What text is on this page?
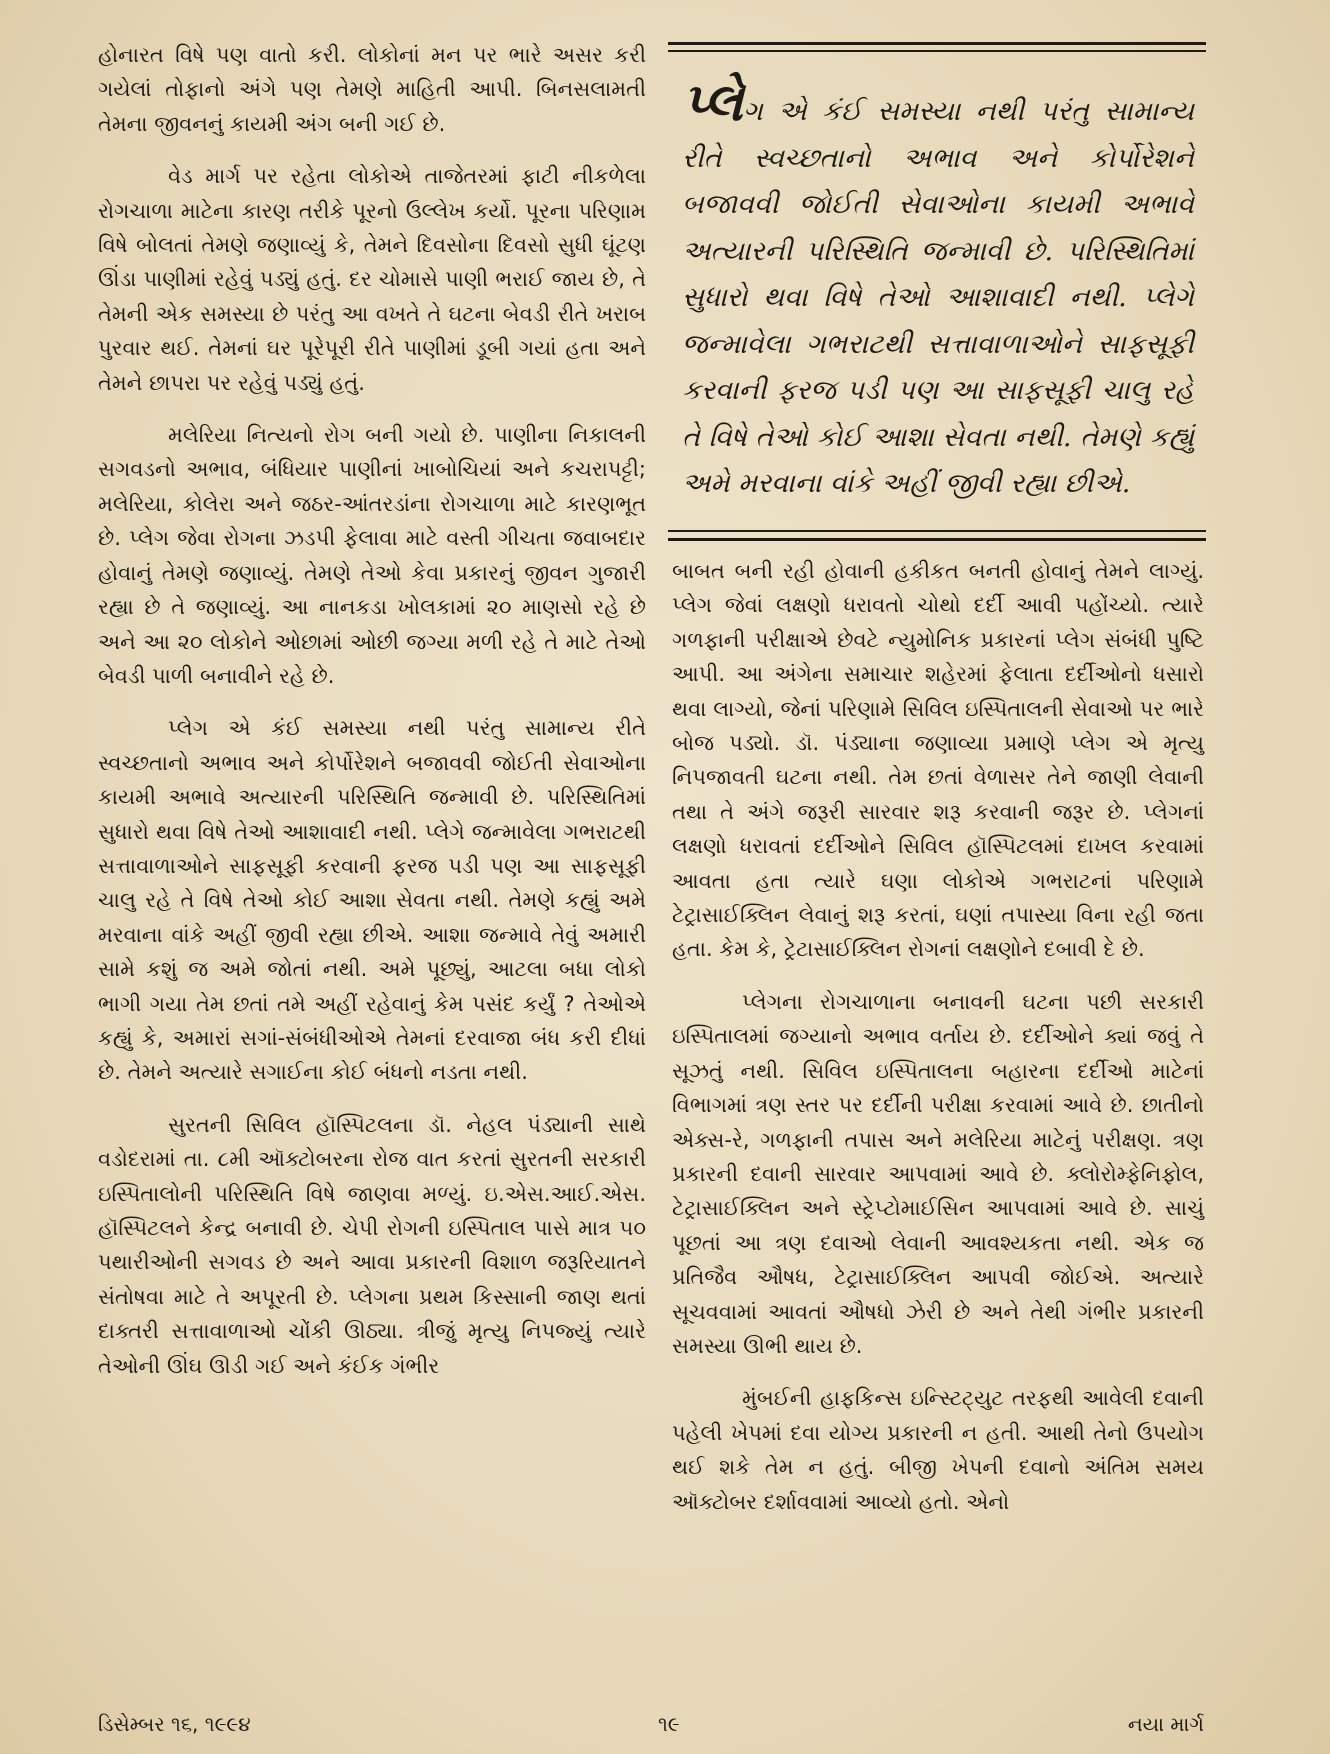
હોનારત વિષે પણ વાતો કરી. લોકોનાં મન પર ભારે અસર કરી ગયેલાં તોફાનો અંગે પણ તેમણે માહિતી આપી. બિનસલામતી તેમના જીવનનું કાયમી અંગ બની ગઈ છે.

વેડ માર્ગ પર રહેતા લોકોએ તાજેતરમાં ફાટી નીકળેલા રોગચાળા માટેના કારણ તરીકે પૂરનો ઉલ્લેખ કર્યો. પૂરના પરિણામ વિષે બોલતાં તેમણે જણાવ્યું કે, તેમને દિવસોના દિવસો સુધી ઘૂંટણ ઊંડા પાણીમાં રહેવું પડ્યું હતું. દર ચોમાસે પાણી ભરાઈ જાય છે, તે તેમની એક સમસ્યા છે પરંતુ આ વખતે તે ઘટના બેવડી રીતે ખરાબ પુરવાર થઈ. તેમનાં ઘર પૂરેપૂરી રીતે પાણીમાં ડૂબી ગયાં હતા અને તેમને છાપરા પર રહેવું પડ્યું હતું.

મલેરિયા નિત્યનો રોગ બની ગયો છે. પાણીના નિકાલની સગવડનો અભાવ, બંધિયાર પાણીનાં ખાબોચિયાં અને કચરાપટ્ટી; મલેરિયા, કોલેરા અને જઠર-આંતરડાંના રોગચાળા માટે કારણભૂત છે. પ્લેગ જેવા રોગના ઝડપી ફેલાવા માટે વસ્તી ગીચતા જવાબદાર હોવાનું તેમણે જણાવ્યું. તેમણે તેઓ કેવા પ્રકારનું જીવન ગુજારી રહ્યા છે તે જણાવ્યું. આ નાનકડા ખોલકામાં ૨૦ માણસો રહે છે અને આ ૨૦ લોકોને ઓછામાં ઓછી જગ્યા મળી રહે તે માટે તેઓ બેવડી પાળી બનાવીને રહે છે.

પ્લેગ એ કંઈ સમસ્યા નથી પરંતુ સામાન્ય રીતે સ્વચ્છતાનો અભાવ અને કોર્પોરેશને બજાવવી જોઈતી સેવાઓના કાયમી અભાવે અત્યારની પરિસ્થિતિ જન્માવી છે. પરિસ્થિતિમાં સુધારો થવા વિષે તેઓ આશાવાદી નથી. પ્લેગે જન્માવેલા ગભરાટથી સત્તાવાળાઓને સાફસૂફી કરવાની ફરજ પડી પણ આ સાફસૂફી ચાલુ રહે તે વિષે તેઓ કોઈ આશા સેવતા નથી. તેમણે કહ્યું અમે મરવાના વાંકે અહીં જીવી રહ્યા છીએ. આશા જન્માવે તેવું અમારી સામે કશું જ અમે જોતાં નથી. અમે પૂછ્યું, આટલા બધા લોકો ભાગી ગયા તેમ છતાં તમે અહીં રહેવાનું કેમ પસંદ કર્યું ? તેઓએ કહ્યું કે, અમારાં સગાં-સંબંધીઓએ તેમનાં દરવાજા બંધ કરી દીધાં છે. તેમને અત્યારે સગાઈના કોઈ બંધનો નડતા નથી.

સુરતની સિવિલ હૉસ્પિટલના ડૉ. નેહલ પંડ્યાની સાથે વડોદરામાં તા. ૮મી ઑક્ટોબરના રોજ વાત કરતાં સુરતની સરકારી ઇસ્પિતાલોની પરિસ્થિતિ વિષે જાણવા મળ્યું. ઇ.એસ.આઈ.એસ. હૉસ્પિટલને કેન્દ્ર બનાવી છે. ચેપી રોગની ઇસ્પિતાલ પાસે માત્ર ૫૦ પથારીઓની સગવડ છે અને આવા પ્રકારની વિશાળ જરૂરિયાતને સંતોષવા માટે તે અપૂરતી છે. પ્લેગના પ્રથમ કિસ્સાની જાણ થતાં દાક્તરી સત્તાવાળાઓ ચોંકી ઊઠ્યા. ત્રીજું મૃત્યુ નિપજ્યું ત્યારે તેઓની ઊંઘ ઊડી ગઈ અને કંઈક ગંભીર

પ્લેગ એ કંઈ સમસ્યા નથી પરંતુ સામાન્ય રીતે સ્વચ્છતાનો અભાવ અને કોર્પોરેશને બજાવવી જોઈતી સેવાઓના કાયમી અભાવે અત્યારની પરિસ્થિતિ જન્માવી છે. પરિસ્થિતિમાં સુધારો થવા વિષે તેઓ આશાવાદી નથી. પ્લેગે જન્માવેલા ગભરાટથી સત્તાવાળાઓને સાફસૂફી કરવાની ફરજ પડી પણ આ સાફસૂફી ચાલુ રહે તે વિષે તેઓ કોઈ આશા સેવતા નથી. તેમણે કહ્યું અમે મરવાના વાંકે અહીં જીવી રહ્યા છીએ.

બાબત બની રહી હોવાની હકીકત બનતી હોવાનું તેમને લાગ્યું. પ્લેગ જેવાં લક્ષણો ધરાવતો ચોથો દર્દી આવી પહોંચ્યો. ત્યારે ગળફાની પરીક્ષાએ છેવટે ન્યુમોનિક પ્રકારનાં પ્લેગ સંબંધી પુષ્ટિ આપી. આ અંગેના સમાચાર શહેરમાં ફેલાતા દર્દીઓનો ધસારો થવા લાગ્યો, જેનાં પરિણામે સિવિલ ઇસ્પિતાલની સેવાઓ પર ભારે બોજ પડ્યો. ડૉ. પંડ્યાના જણાવ્યા પ્રમાણે પ્લેગ એ મૃત્યુ નિપજાવતી ઘટના નથી. તેમ છતાં વેળાસર તેને જાણી લેવાની તથા તે અંગે જરૂરી સારવાર શરૂ કરવાની જરૂર છે. પ્લેગનાં લક્ષણો ધરાવતાં દર્દીઓને સિવિલ હૉસ્પિટલમાં દાખલ કરવામાં આવતા હતા ત્યારે ઘણા લોકોએ ગભરાટનાં પરિણામે ટેટ્રાસાઈક્લિન લેવાનું શરૂ કરતાં, ઘણાં તપાસ્યા વિના રહી જતા હતા. કેમ કે, ટ્રેટાસાઈક્લિન રોગનાં લક્ષણોને દબાવી દે છે.

પ્લેગના રોગચાળાના બનાવની ઘટના પછી સરકારી ઇસ્પિતાલમાં જગ્યાનો અભાવ વર્તાય છે. દર્દીઓને ક્યાં જવું તે સૂઝતું નથી. સિવિલ ઇસ્પિતાલના બહારના દર્દીઓ માટેનાં વિભાગમાં ત્રણ સ્તર પર દર્દીની પરીક્ષા કરવામાં આવે છે. છાતીનો એક્સ-રે, ગળફાની તપાસ અને મલેરિયા માટેનું પરીક્ષણ. ત્રણ પ્રકારની દવાની સારવાર આપવામાં આવે છે. ક્લોરોમ્ફેનિફોલ, ટેટ્રાસાઈક્લિન અને સ્ટ્રેપ્ટોમાઈસિન આપવામાં આવે છે. સાચું પૂછતાં આ ત્રણ દવાઓ લેવાની આવશ્યકતા નથી. એક જ પ્રતિજૈવ ઔષધ, ટેટ્રાસાઈક્લિન આપવી જોઈએ. અત્યારે સૂચવવામાં આવતાં ઔષધો ઝેરી છે અને તેથી ગંભીર પ્રકારની સમસ્યા ઊભી થાય છે.

મુંબઈની હાફકિન્સ ઇન્સ્ટિટ્યુટ તરફથી આવેલી દવાની પહેલી ખેપમાં દવા યોગ્ય પ્રકારની ન હતી. આથી તેનો ઉપયોગ થઈ શકે તેમ ન હતું. બીજી ખેપની દવાનો અંતિમ સમય ઑક્ટોબર દર્શાવવામાં આવ્યો હતો. એનો

ડિસેમ્બર ૧૬, ૧૯૯૪	૧૯	નયા માર્ગ
